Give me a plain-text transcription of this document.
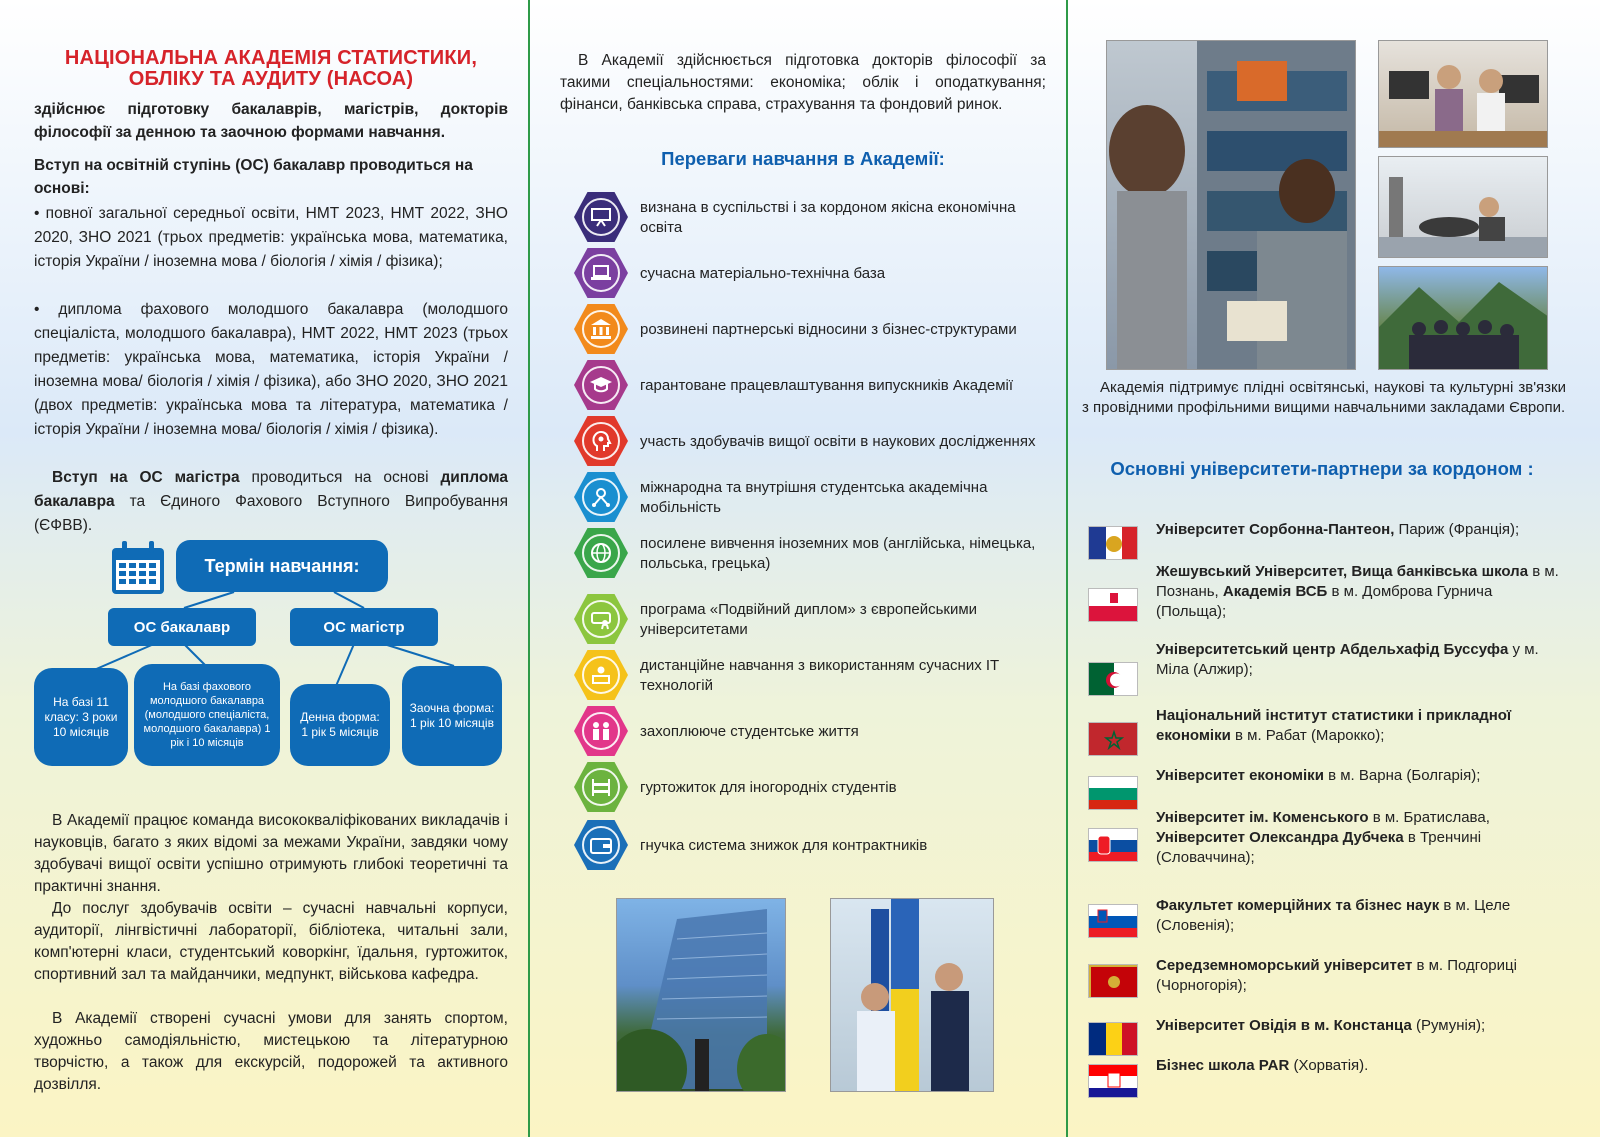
НАЦІОНАЛЬНА АКАДЕМІЯ СТАТИСТИКИ,
ОБЛІКУ ТА АУДИТУ (НАСОА)
здійснює підготовку бакалаврів, магістрів, докторів філософії за денною та заочною формами навчання.
Вступ на освітній ступінь (ОС) бакалавр проводиться на основі:
• повної загальної середньої освіти, НМТ 2023, НМТ 2022, ЗНО 2020, ЗНО 2021 (трьох предметів: українська мова, математика, історія України / іноземна мова / біологія / хімія / фізика);
• диплома фахового молодшого бакалавра (молодшого спеціаліста, молодшого бакалавра), НМТ 2022, НМТ 2023 (трьох предметів: українська мова, математика, історія України / іноземна мова/ біологія / хімія / фізика), або ЗНО 2020, ЗНО 2021 (двох предметів: українська мова та література, математика / історія України / іноземна мова/ біологія / хімія / фізика).
Вступ на ОС магістра проводиться на основі диплома бакалавра та Єдиного Фахового Вступного Випробування (ЄФВВ).
Термін навчання:
ОС бакалавр	ОС магістр
На базі 11 класу: 3 роки 10 місяців
На базі фахового молодшого бакалавра (молодшого спеціаліста, молодшого бакалавра) 1 рік і 10 місяців
Денна форма: 1 рік 5 місяців
Заочна форма: 1 рік 10 місяців
В Академії працює команда висококваліфікованих викладачів і науковців, багато з яких відомі за межами України, завдяки чому здобувачі вищої освіти успішно отримують глибокі теоретичні та практичні знання.
До послуг здобувачів освіти – сучасні навчальні корпуси, аудиторії, лінгвістичні лабораторії, бібліотека, читальні зали, комп'ютерні класи, студентський коворкінг, їдальня, гуртожиток, спортивний зал та майданчики, медпункт, військова кафедра.
В Академії створені сучасні умови для занять спортом, художньо самодіяльністю, мистецькою та літературною творчістю, а також для екскурсій, подорожей та активного дозвілля.
В Академії здійснюється підготовка докторів філософії за такими спеціальностями: економіка; облік і оподаткування; фінанси, банківська справа, страхування та фондовий ринок.
Переваги навчання в Академії:
визнана в суспільстві і за кордоном якісна економічна освіта
сучасна матеріально-технічна база
розвинені партнерські відносини з бізнес-структурами
гарантоване працевлаштування випускників Академії
участь здобувачів вищої освіти в наукових дослідженнях
міжнародна та внутрішня студентська академічна мобільність
посилене вивчення іноземних мов (англійська, німецька, польська, грецька)
програма «Подвійний диплом» з європейськими університетами
дистанційне навчання з використанням сучасних IT технологій
захоплююче студентське життя
гуртожиток для іногородніх студентів
гнучка система знижок для контрактників
Академія підтримує плідні освітянські, наукові та культурні зв'язки з провідними профільними вищими навчальними закладами Європи.
Основні університети-партнери за кордоном :
Університет Сорбонна-Пантеон, Париж (Франція);
Жешувський Університет, Вища банківська школа в м. Познань, Академія ВСБ в м. Домброва Гурнича (Польща);
Університетський центр Абдельхафід Буссуфа у м. Міла (Алжир);
Національний інститут статистики і прикладної економіки в м. Рабат (Марокко);
Університет економіки в м. Варна (Болгарія);
Університет ім. Коменського в м. Братислава, Університет Олександра Дубчека в Тренчині (Словаччина);
Факультет комерційних та бізнес наук в м. Целе (Словенія);
Середземноморський університет в м. Подгориці (Чорногорія);
Університет Овідія в м. Констанца (Румунія);
Бізнес школа PAR (Хорватія).
